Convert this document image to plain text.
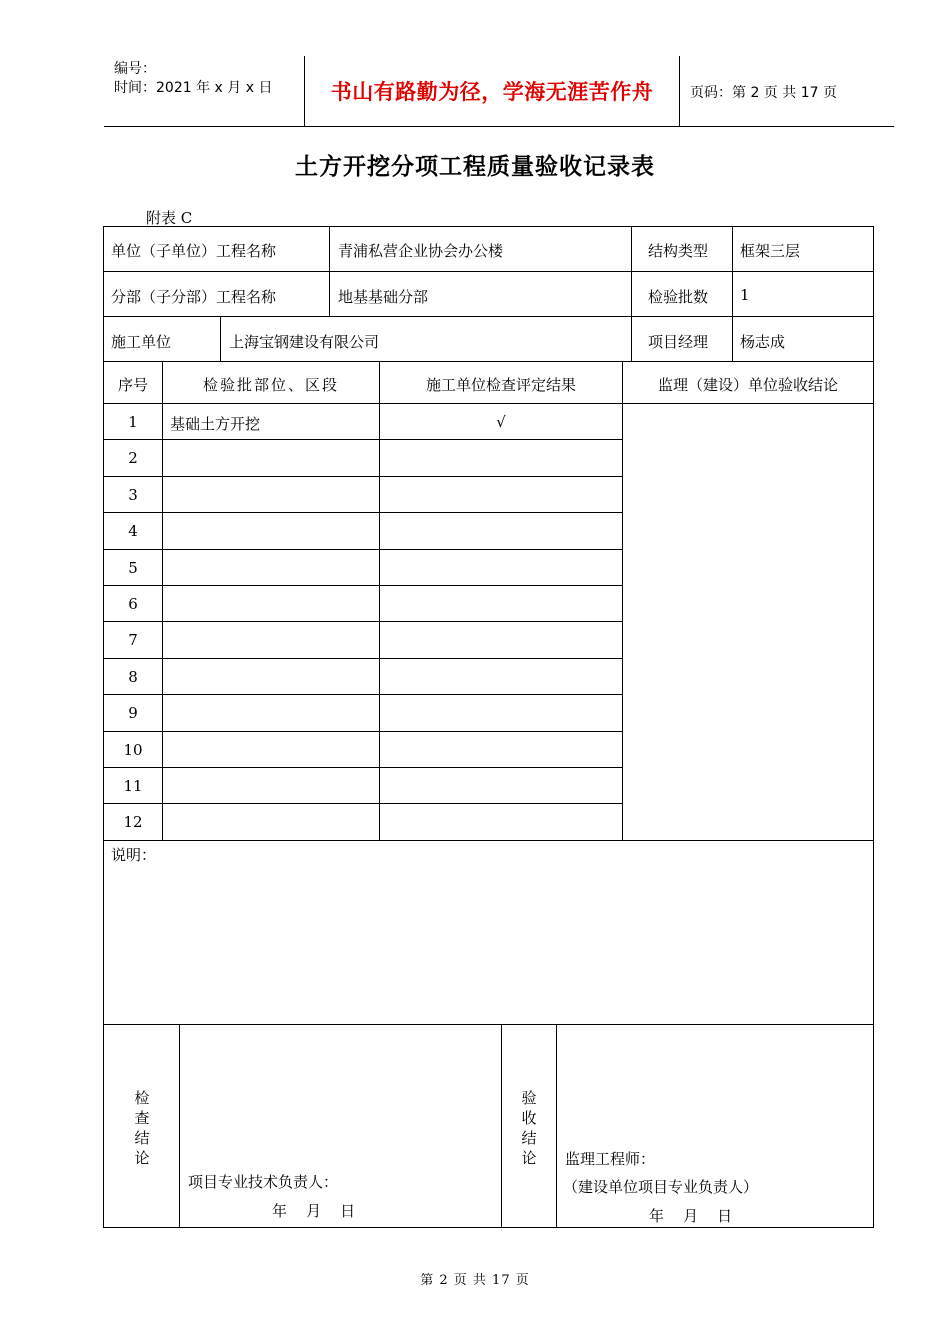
编号：
时间：2021 年 x 月 x 日	书山有路勤为径，学海无涯苦作舟	页码：第 2 页 共 17 页
土方开挖分项工程质量验收记录表
附表 C
单位（子单位）工程名称	青浦私营企业协会办公楼	结构类型 框架三层
分部（子分部）工程名称	地基基础分部	检验批数 1
施工单位	上海宝钢建设有限公司	项目经理 杨志成
序号	检验批部位、区段	施工单位检查评定结果	监理（建设）单位验收结论
1	基础土方开挖	√
2
3
4
5
6
7
8
9
10
11
12
说明：
检
查
结
论
项目专业技术负责人：
年    月    日
验
收
结
论 监理工程师：
（建设单位项目专业负责人）
年    月    日
第 2 页 共 17 页
